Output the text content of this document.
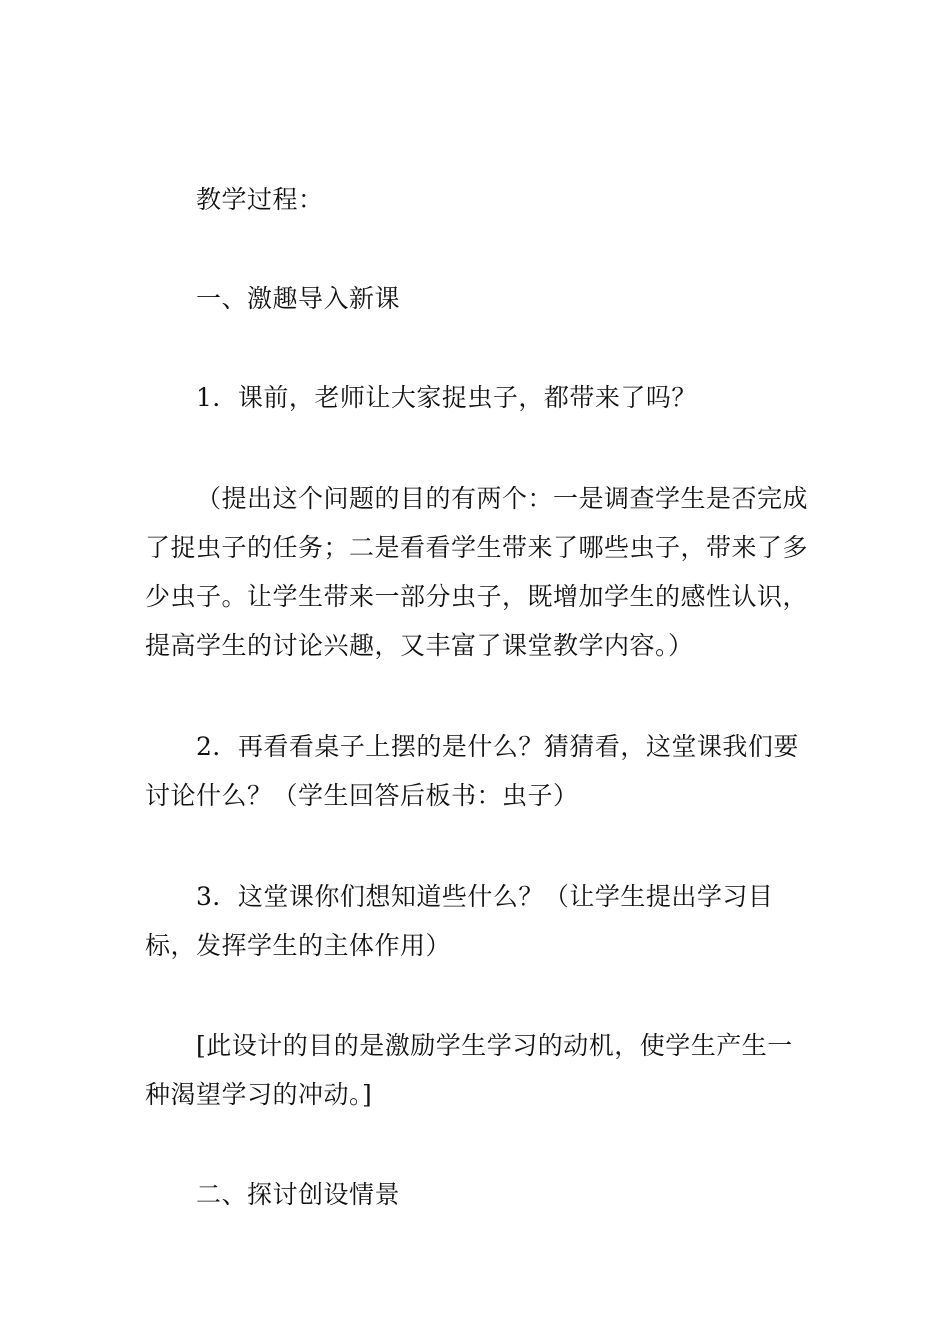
教学过程：

一、激趣导入新课

1．课前，老师让大家捉虫子，都带来了吗？

（提出这个问题的目的有两个：一是调查学生是否完成了捉虫子的任务；二是看看学生带来了哪些虫子，带来了多少虫子。让学生带来一部分虫子，既增加学生的感性认识，提高学生的讨论兴趣，又丰富了课堂教学内容。）

2．再看看桌子上摆的是什么？猜猜看，这堂课我们要讨论什么？（学生回答后板书：虫子）

3．这堂课你们想知道些什么？（让学生提出学习目标，发挥学生的主体作用）

[此设计的目的是激励学生学习的动机，使学生产生一种渴望学习的冲动。]

二、探讨创设情景
